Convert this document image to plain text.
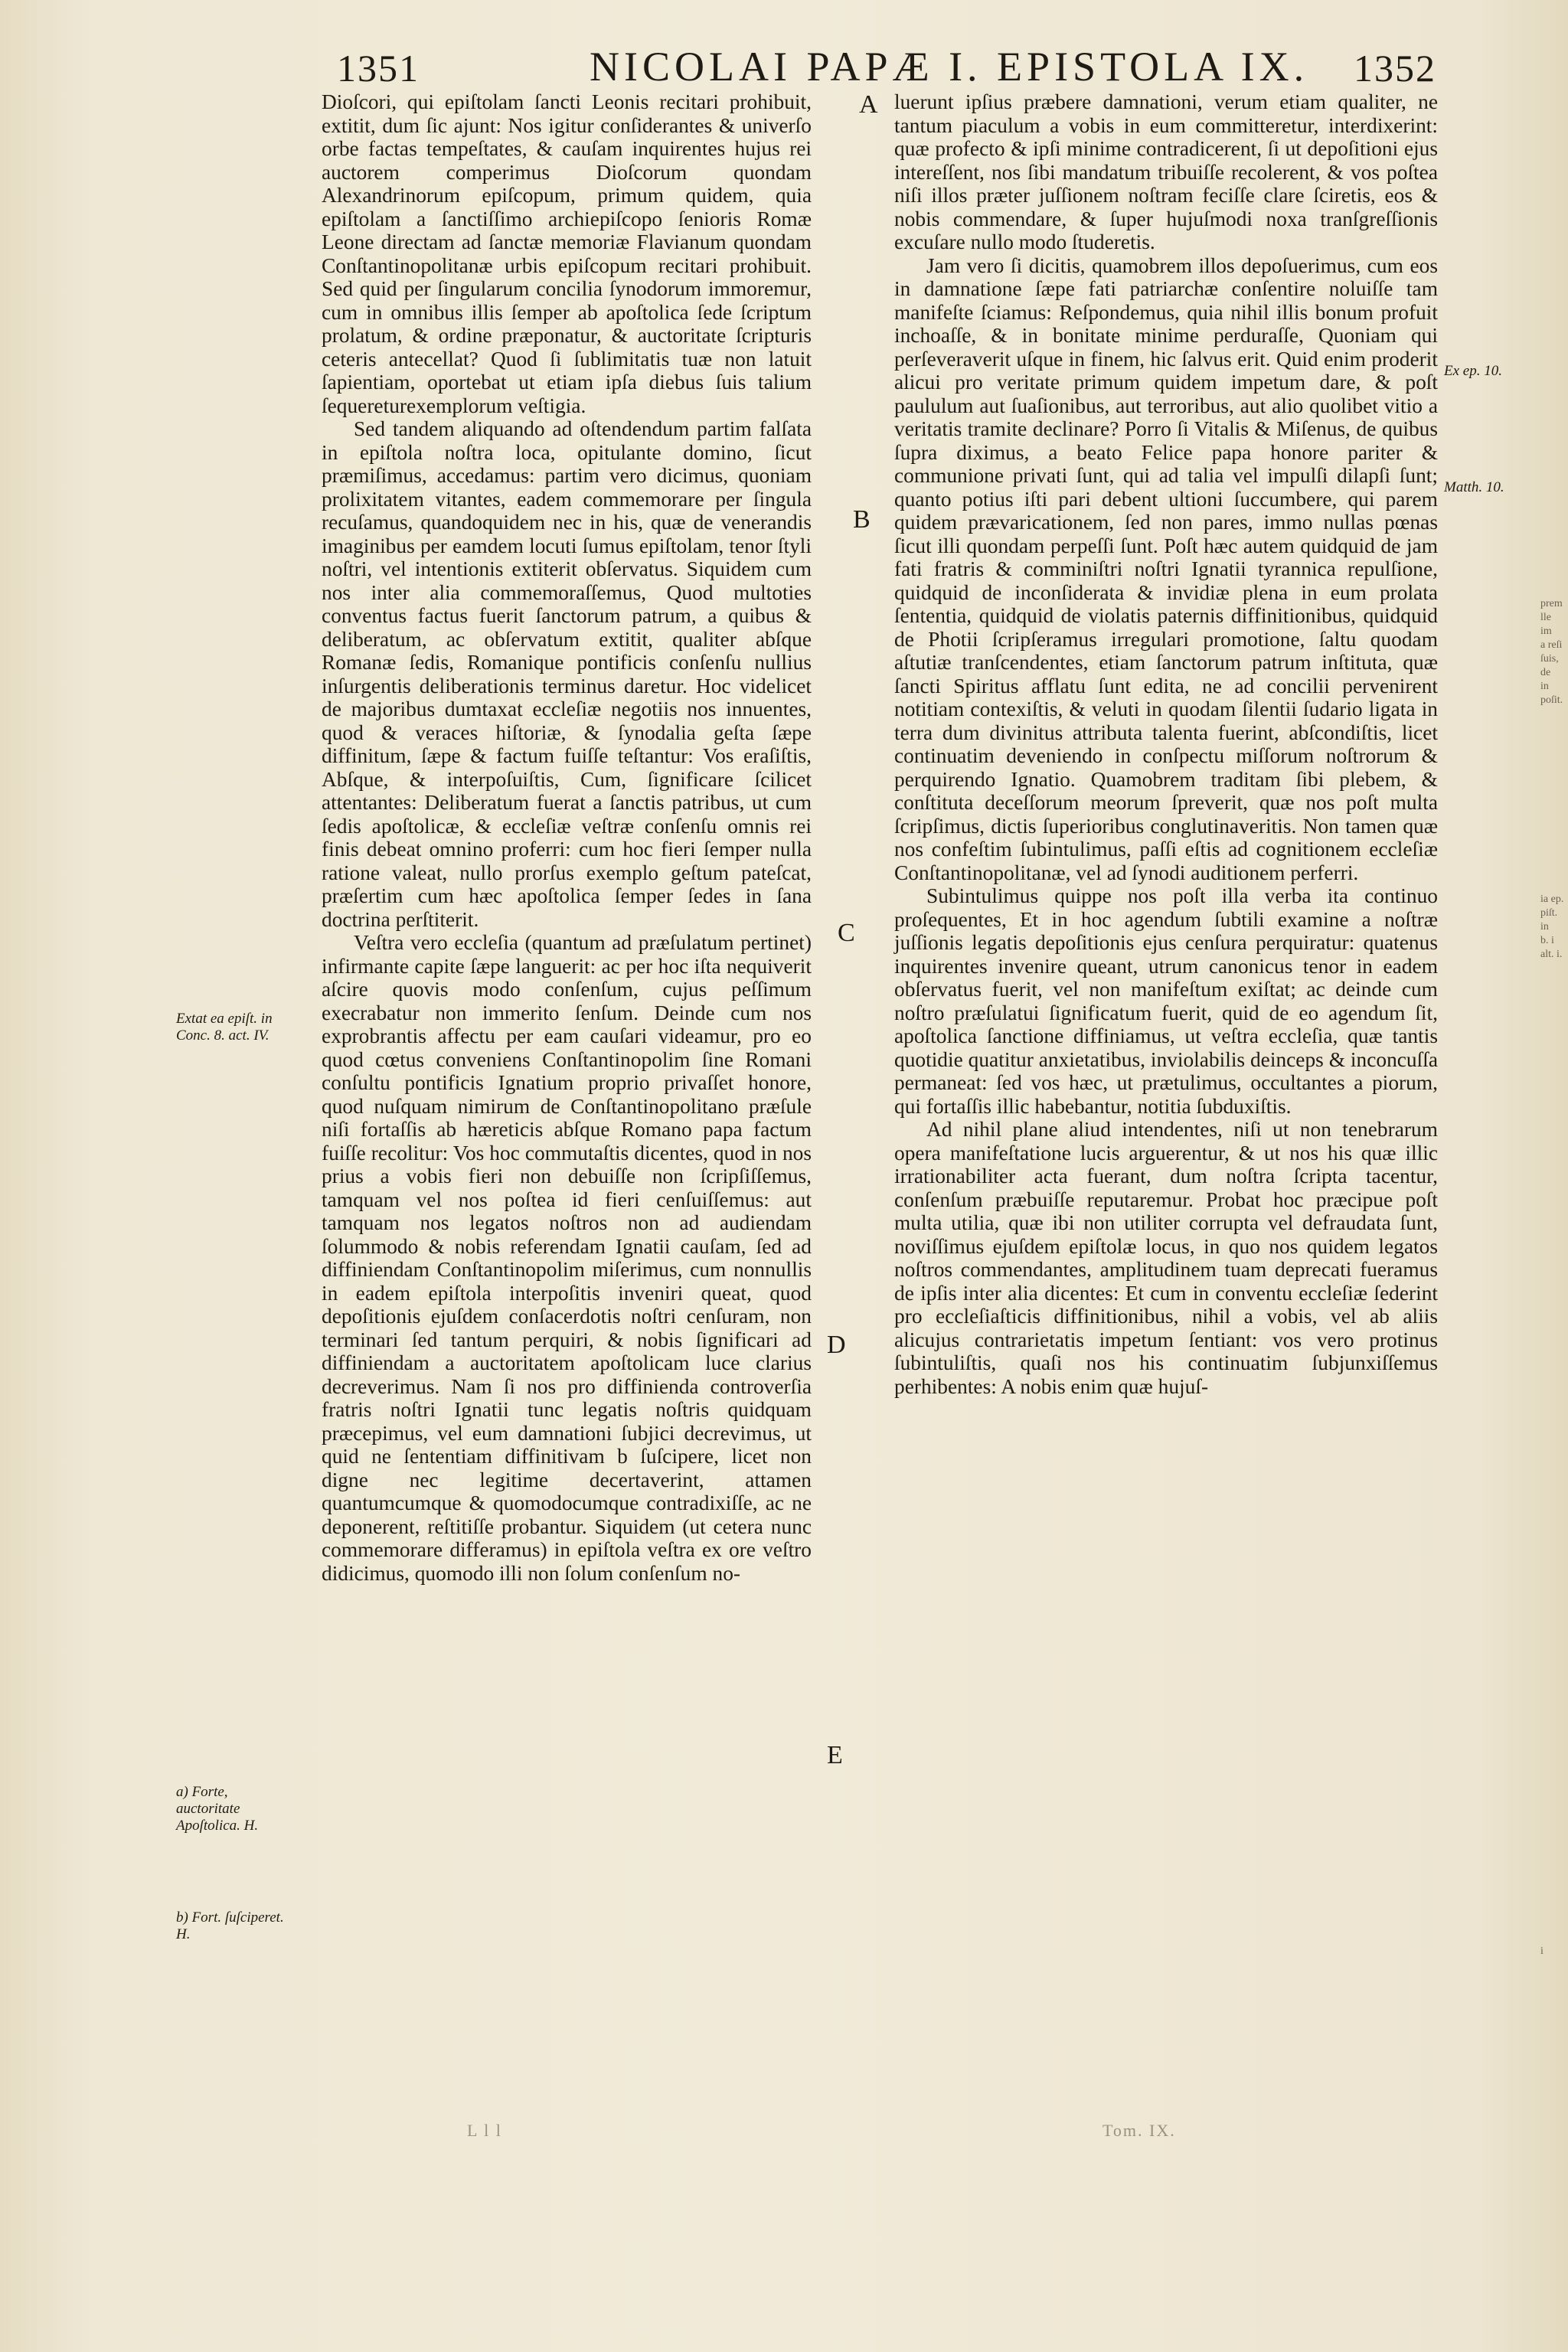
1351	NICOLAI PAPÆ I. EPISTOLA IX. 1352
A
B
C
D
E
Extat ea epiſt. in Conc. 8. act. IV.
a) Forte, auctoritate Apoſtolica. H.
b) Fort. ſuſciperet. H.
Ex ep. 10.
Matth. 10.

Dioſcori, qui epiſtolam ſancti Leonis recitari prohibuit, extitit, dum ſic ajunt: Nos igitur conſiderantes & univerſo orbe factas tempeſtates, & cauſam inquirentes hujus rei auctorem comperimus Dioſcorum quondam Alexandrinorum epiſcopum, primum quidem, quia epiſtolam a ſanctiſſimo archiepiſcopo ſenioris Romæ Leone directam ad ſanctæ memoriæ Flavianum quondam Conſtantinopolitanæ urbis epiſcopum recitari prohibuit. Sed quid per ſingularum concilia ſynodorum immoremur, cum in omnibus illis ſemper ab apoſtolica ſede ſcriptum prolatum, & ordine præponatur, & auctoritate ſcripturis ceteris antecellat? Quod ſi ſublimitatis tuæ non latuit ſapientiam, oportebat ut etiam ipſa diebus ſuis talium ſequereturexemplorum veſtigia.

Sed tandem aliquando ad oſtendendum partim falſata in epiſtola noſtra loca, opitulante domino, ſicut præmiſimus, accedamus: partim vero dicimus, quoniam prolixitatem vitantes, eadem commemorare per ſingula recuſamus, quandoquidem nec in his, quæ de venerandis imaginibus per eamdem locuti ſumus epiſtolam, tenor ſtyli noſtri, vel intentionis extiterit obſervatus. Siquidem cum nos inter alia commemoraſſemus, Quod multoties conventus factus fuerit ſanctorum patrum, a quibus & deliberatum, ac obſervatum extitit, qualiter abſque Romanæ ſedis, Romanique pontificis conſenſu nullius inſurgentis deliberationis terminus daretur. Hoc videlicet de majoribus dumtaxat eccleſiæ negotiis nos innuentes, quod & veraces hiſtoriæ, & ſynodalia geſta ſæpe diffinitum, ſæpe & factum fuiſſe teſtantur: Vos eraſiſtis, Abſque, & interpoſuiſtis, Cum, ſignificare ſcilicet attentantes: Deliberatum fuerat a ſanctis patribus, ut cum ſedis apoſtolicæ, & eccleſiæ veſtræ conſenſu omnis rei finis debeat omnino proferri: cum hoc fieri ſemper nulla ratione valeat, nullo prorſus exemplo geſtum pateſcat, præſertim cum hæc apoſtolica ſemper ſedes in ſana doctrina perſtiterit.

Veſtra vero eccleſia (quantum ad præſulatum pertinet) infirmante capite ſæpe languerit: ac per hoc iſta nequiverit aſcire quovis modo conſenſum, cujus peſſimum execrabatur non immerito ſenſum. Deinde cum nos exprobrantis affectu per eam cauſari videamur, pro eo quod cœtus conveniens Conſtantinopolim ſine Romani conſultu pontificis Ignatium proprio privaſſet honore, quod nuſquam nimirum de Conſtantinopolitano præſule niſi fortaſſis ab hæreticis abſque Romano papa factum fuiſſe recolitur: Vos hoc commutaſtis dicentes, quod in nos prius a vobis fieri non debuiſſe non ſcripſiſſemus, tamquam vel nos poſtea id fieri cenſuiſſemus: aut tamquam nos legatos noſtros non ad audiendam ſolummodo & nobis referendam Ignatii cauſam, ſed ad diffiniendam Conſtantinopolim miſerimus, cum nonnullis in eadem epiſtola interpoſitis inveniri queat, quod depoſitionis ejuſdem conſacerdotis noſtri cenſuram, non terminari ſed tantum perquiri, & nobis ſignificari ad diffiniendam a auctoritatem apoſtolicam luce clarius decreverimus. Nam ſi nos pro diffinienda controverſia fratris noſtri Ignatii tunc legatis noſtris quidquam præcepimus, vel eum damnationi ſubjici decrevimus, ut quid ne ſententiam diffinitivam b ſuſcipere, licet non digne nec legitime decertaverint, attamen quantumcumque & quomodocumque contradixiſſe, ac ne deponerent, reſtitiſſe probantur. Siquidem (ut cetera nunc commemorare differamus) in epiſtola veſtra ex ore veſtro didicimus, quomodo illi non ſolum conſenſum no-

luerunt ipſius præbere damnationi, verum etiam qualiter, ne tantum piaculum a vobis in eum committeretur, interdixerint: quæ profecto & ipſi minime contradicerent, ſi ut depoſitioni ejus intereſſent, nos ſibi mandatum tribuiſſe recolerent, & vos poſtea niſi illos præter juſſionem noſtram feciſſe clare ſciretis, eos & nobis commendare, & ſuper hujuſmodi noxa tranſgreſſionis excuſare nullo modo ſtuderetis.

Jam vero ſi dicitis, quamobrem illos depoſuerimus, cum eos in damnatione ſæpe fati patriarchæ conſentire noluiſſe tam manifeſte ſciamus: Reſpondemus, quia nihil illis bonum profuit inchoaſſe, & in bonitate minime perduraſſe, Quoniam qui perſeveraverit uſque in finem, hic ſalvus erit. Quid enim proderit alicui pro veritate primum quidem impetum dare, & poſt paululum aut ſuaſionibus, aut terroribus, aut alio quolibet vitio a veritatis tramite declinare? Porro ſi Vitalis & Miſenus, de quibus ſupra diximus, a beato Felice papa honore pariter & communione privati ſunt, qui ad talia vel impulſi dilapſi ſunt; quanto potius iſti pari debent ultioni ſuccumbere, qui parem quidem prævaricationem, ſed non pares, immo nullas pœnas ſicut illi quondam perpeſſi ſunt. Poſt hæc autem quidquid de jam fati fratris & comminiſtri noſtri Ignatii tyrannica repulſione, quidquid de inconſiderata & invidiæ plena in eum prolata ſententia, quidquid de violatis paternis diffinitionibus, quidquid de Photii ſcripſeramus irregulari promotione, ſaltu quodam aſtutiæ tranſcendentes, etiam ſanctorum patrum inſtituta, quæ ſancti Spiritus afflatu ſunt edita, ne ad concilii pervenirent notitiam contexiſtis, & veluti in quodam ſilentii ſudario ligata in terra dum divinitus attributa talenta fuerint, abſcondiſtis, licet continuatim deveniendo in conſpectu miſſorum noſtrorum & perquirendo Ignatio. Quamobrem traditam ſibi plebem, & conſtituta deceſſorum meorum ſpreverit, quæ nos poſt multa ſcripſimus, dictis ſuperioribus conglutinaveritis. Non tamen quæ nos confeſtim ſubintulimus, paſſi eſtis ad cognitionem eccleſiæ Conſtantinopolitanæ, vel ad ſynodi auditionem perferri.

Subintulimus quippe nos poſt illa verba ita continuo proſequentes, Et in hoc agendum ſubtili examine a noſtræ juſſionis legatis depoſitionis ejus cenſura perquiratur: quatenus inquirentes invenire queant, utrum canonicus tenor in eadem obſervatus fuerit, vel non manifeſtum exiſtat; ac deinde cum noſtro præſulatui ſignificatum fuerit, quid de eo agendum ſit, apoſtolica ſanctione diffiniamus, ut veſtra eccleſia, quæ tantis quotidie quatitur anxietatibus, inviolabilis deinceps & inconcuſſa permaneat: ſed vos hæc, ut prætulimus, occultantes a piorum, qui fortaſſis illic habebantur, notitia ſubduxiſtis.

Ad nihil plane aliud intendentes, niſi ut non tenebrarum opera manifeſtatione lucis arguerentur, & ut nos his quæ illic irrationabiliter acta fuerant, dum noſtra ſcripta tacentur, conſenſum præbuiſſe reputaremur. Probat hoc præcipue poſt multa utilia, quæ ibi non utiliter corrupta vel defraudata ſunt, noviſſimus ejuſdem epiſtolæ locus, in quo nos quidem legatos noſtros commendantes, amplitudinem tuam deprecati fueramus de ipſis inter alia dicentes: Et cum in conventu eccleſiæ ſederint pro eccleſiaſticis diffinitionibus, nihil a vobis, vel ab aliis alicujus contrarietatis impetum ſentiant: vos vero protinus ſubintuliſtis, quaſi nos his continuatim ſubjunxiſſemus perhibentes: A nobis enim quæ hujuſ-

prem
lle
im
a reſi
ſuis, de
in
poſit.
ia ep.
piſt. in
b. i
alt. i.
i
L l l	Tom. IX.
